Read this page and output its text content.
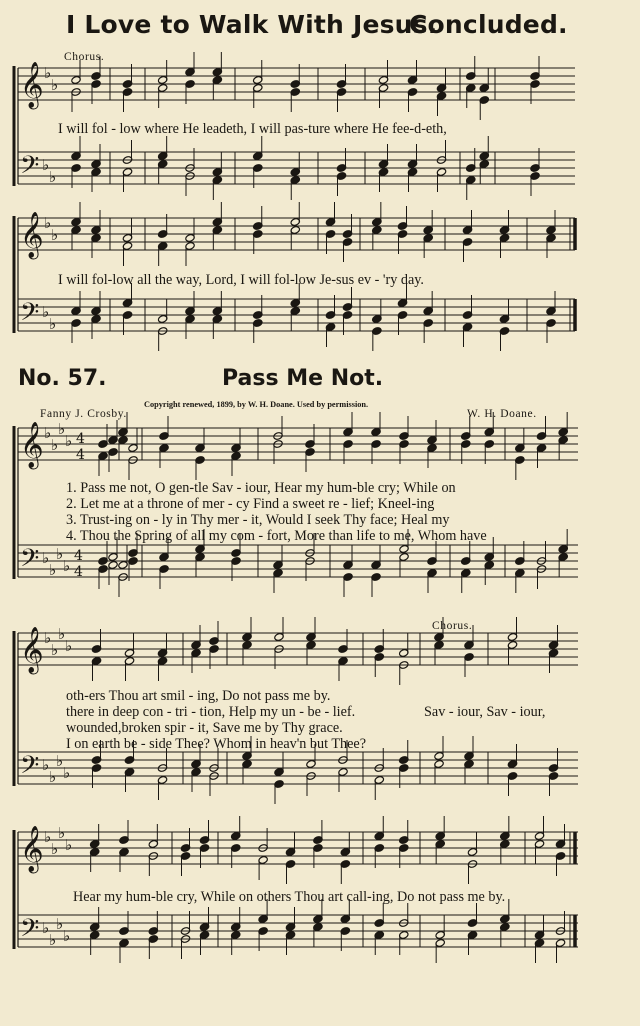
I Love to Walk With Jesus.
Concluded.
Chorus.
I will fol - low where He leadeth, I will pas-ture where He fee-d-eth,
I will fol-low all the way, Lord, I will fol-low Je-sus ev - 'ry day.
No. 57.	Pass Me Not.
Copyright renewed, 1899, by W. H. Doane. Used by permission.
Fanny J. Crosby.	W. H. Doane.
1. Pass me not, O gen-tle Sav - iour, Hear my hum-ble cry; While on
2. Let me at a throne of mer - cy Find a sweet re - lief; Kneel-ing
3. Trust-ing on - ly in Thy mer - it, Would I seek Thy face; Heal my
4. Thou the Spring of all my com - fort, More than life to me, Whom have
Chorus.
oth-ers Thou art smil - ing, Do not pass me by.
there in deep con - tri - tion, Help my un - be - lief.
wounded,broken spir - it, Save me by Thy grace.
I on earth be - side Thee? Whom in heav'n but Thee?
Sav - iour, Sav - iour,
Hear my hum-ble cry, While on others Thou art call-ing, Do not pass me by.
𝄞 ♭
♭
𝄢 ♭
♭
𝄞 ♭
♭
𝄢 ♭
♭
𝄞 ♭
♭
♭
♭ 4
4
𝄢 ♭
♭
♭
♭
4
4
𝄞 ♭
♭
♭
♭
𝄢 ♭
♭
♭
♭
𝄞 ♭
♭
♭
♭
𝄢 ♭
♭
♭
♭
